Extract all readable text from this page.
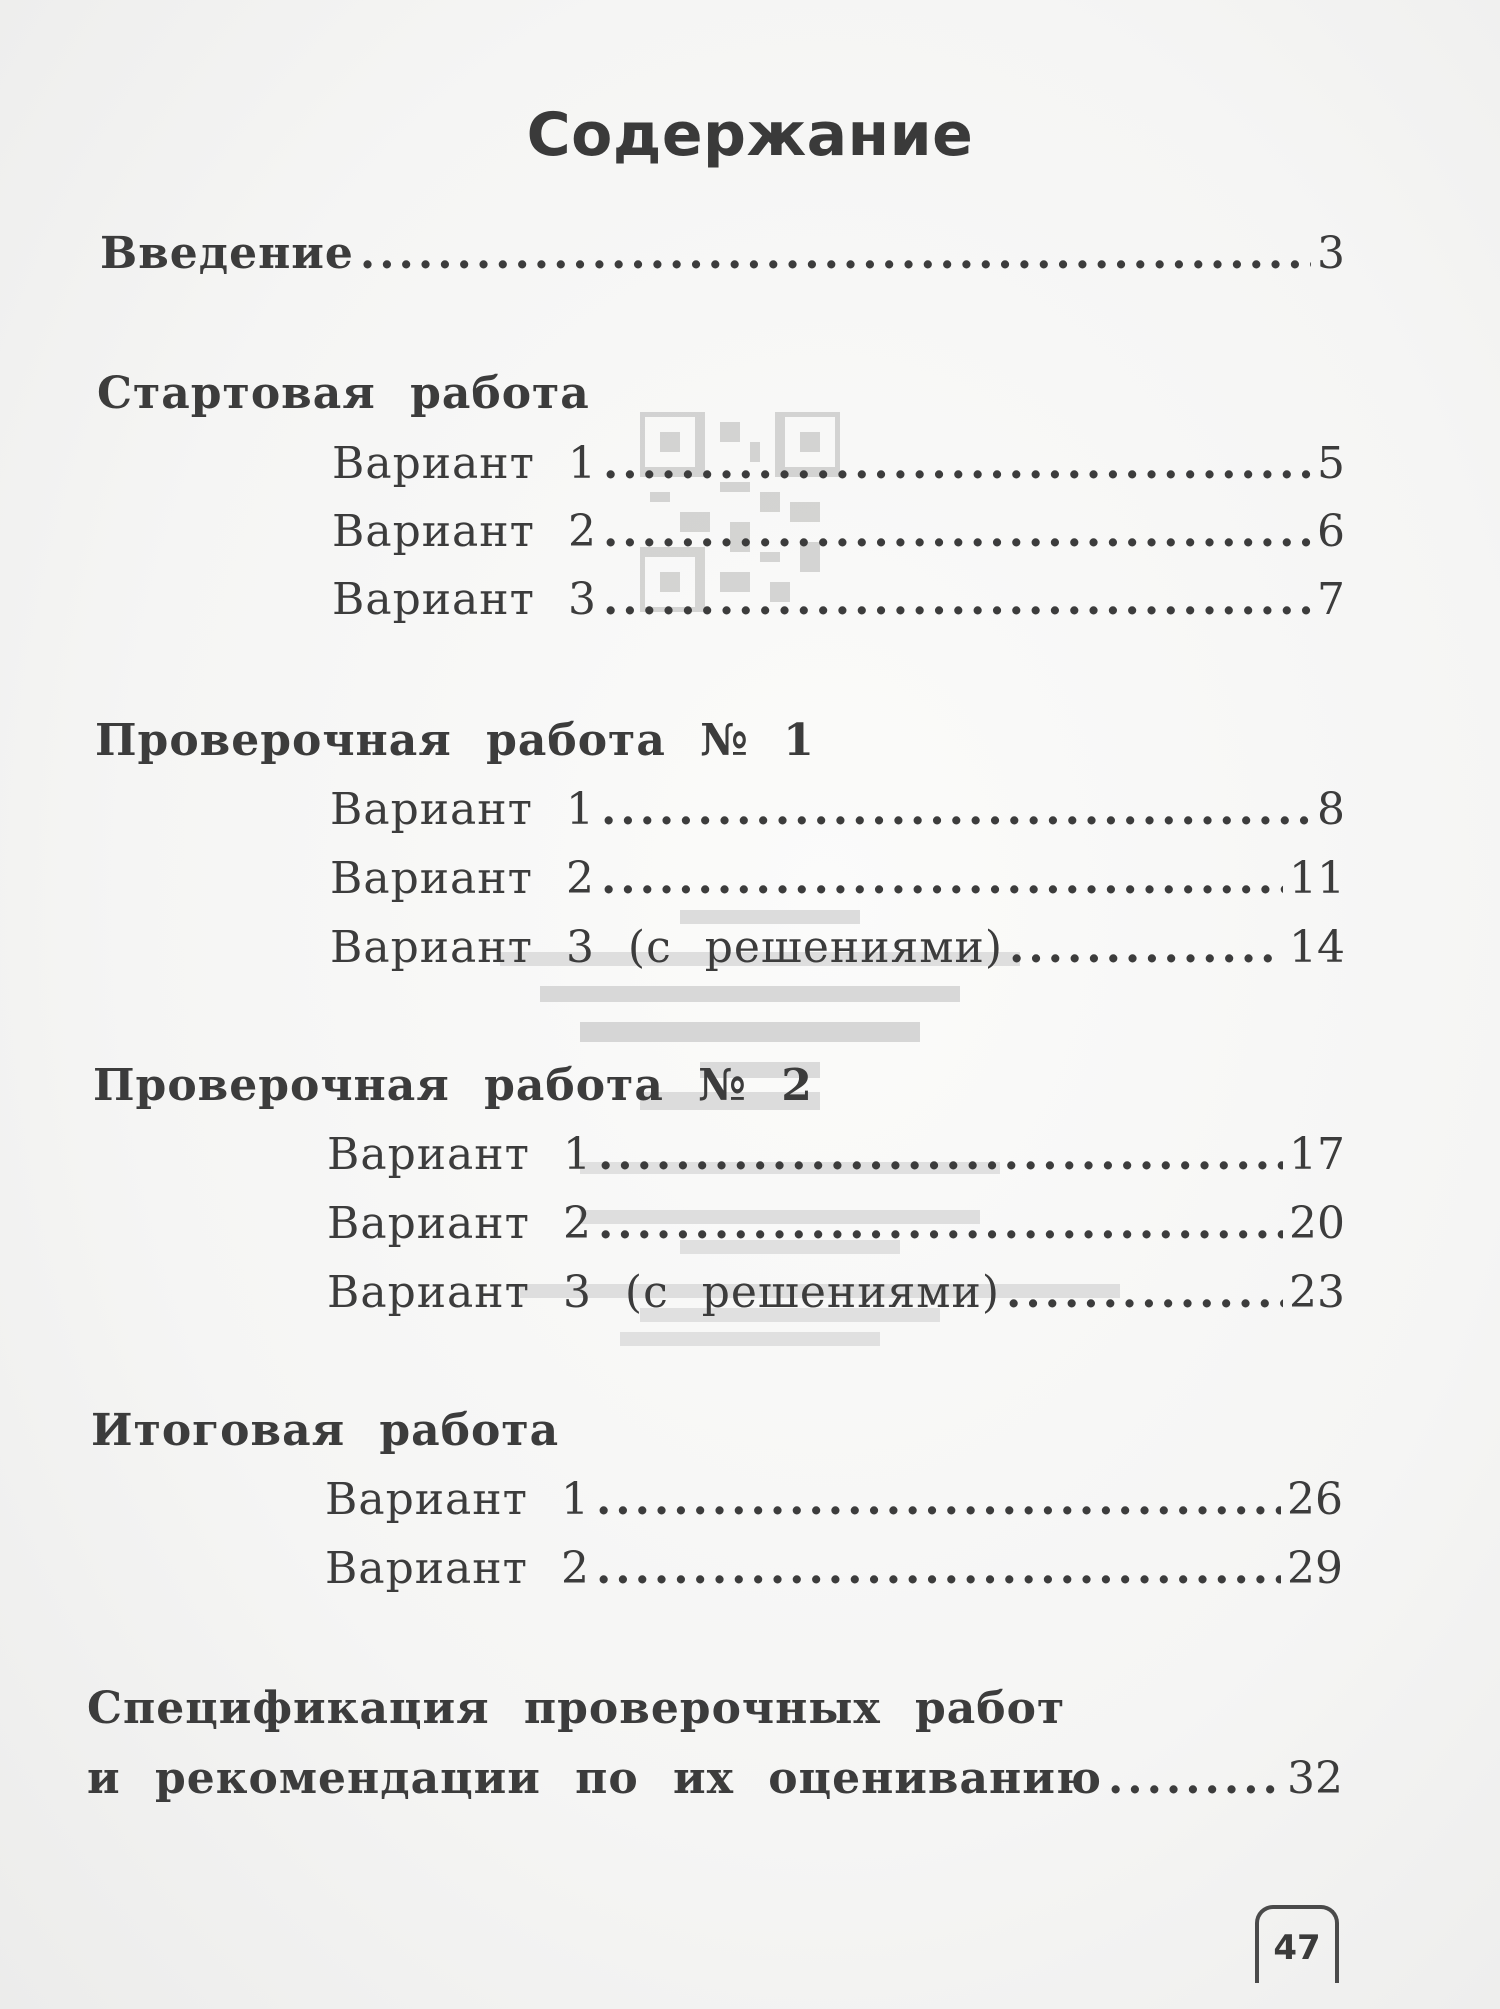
Содержание
Введение .....	3
Стартовая работа
Вариант 1 .....	5
Вариант 2 .....	6
Вариант 3 .....	7
Проверочная работа № 1
Вариант 1 .....	8
Вариант 2 .....	11
Вариант 3 (с решениями) .....	14
Проверочная работа № 2
Вариант 1 .....	17
Вариант 2 .....	20
Вариант 3 (с решениями) .....	23
Итоговая работа
Вариант 1 .....	26
Вариант 2 .....	29
Спецификация проверочных работ
и рекомендации по их оцениванию .....	32
47
